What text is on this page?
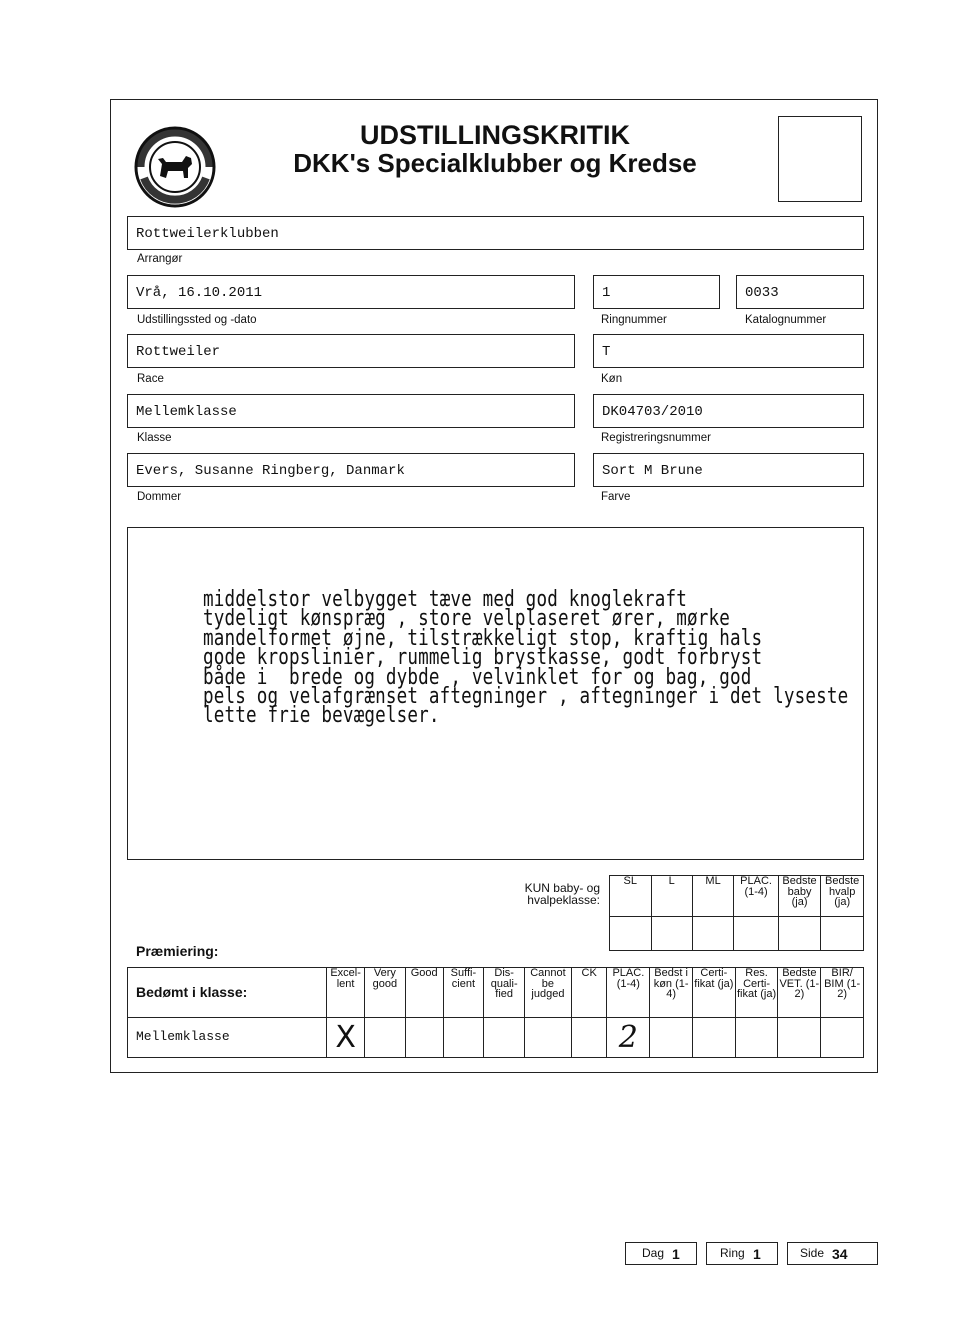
UDSTILLINGSKRITIK
DKK's Specialklubber og Kredse
Rottweilerklubben
Arrangør
Vrå, 16.10.2011
Udstillingssted og -dato
1
Ringnummer
0033
Katalognummer
Rottweiler
Race
T
Køn
Mellemklasse
Klasse
DK04703/2010
Registreringsnummer
Evers, Susanne Ringberg, Danmark
Dommer
Sort M Brune
Farve
middelstor velbygget tæve med god knoglekraft
tydeligt kønspræg , store velplaseret ører, mørke
mandelformet øjne, tilstrækkeligt stop, kraftig hals
gode kropslinier, rummelig brystkasse, godt forbryst
både i  brede og dybde , velvinklet for og bag, god
pels og velafgrænset aftegninger , aftegninger i det lyseste
lette frie bevægelser.
KUN baby- og hvalpeklasse:
SL	L	ML	PLAC. (1-4)	Bedste baby (ja)	Bedste hvalp (ja)

Præmiering:
Bedømt i klasse:	Excel- lent	Very good	Good	Suffi- cient	Dis- quali- fied	Cannot be judged	CK	PLAC. (1-4)	Bedst i køn (1-4)	Certi- fikat (ja)	Res. Certi- fikat (ja)	Bedste VET. (1-2)	BIR/ BIM (1-2)
Mellemklasse	X							2					
Dag 1	Ring 1	Side 34
